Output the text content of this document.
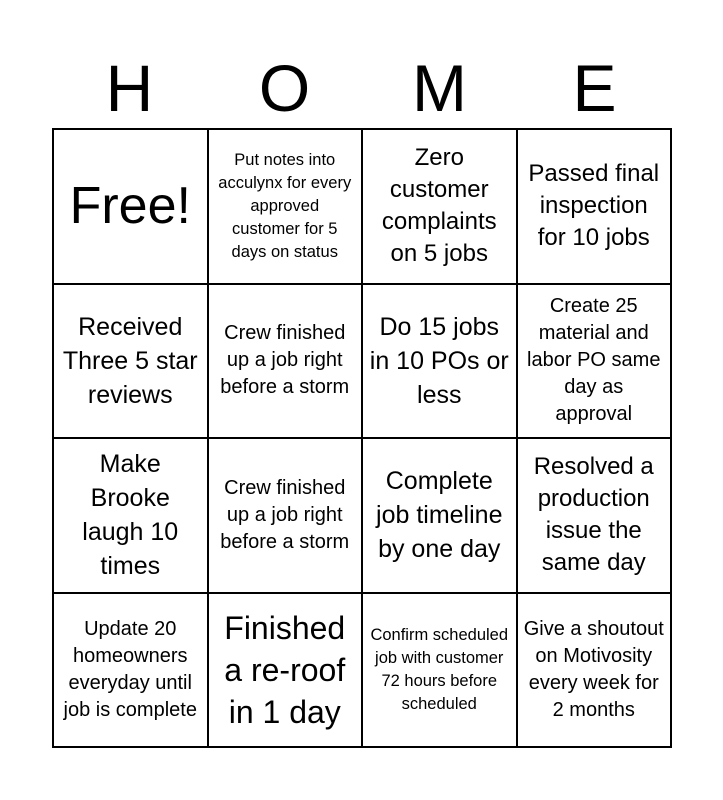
H	O	M	E
Free!
Put notes into acculynx for every approved customer for 5 days on status
Zero customer complaints on 5 jobs
Passed final inspection for 10 jobs
Received Three 5 star reviews
Crew finished up a job right before a storm
Do 15 jobs in 10 POs or less
Create 25 material and labor PO same day as approval
Make Brooke laugh 10 times
Crew finished up a job right before a storm
Complete job timeline by one day
Resolved a production issue the same day
Update 20 homeowners everyday until job is complete
Finished a re-roof in 1 day
Confirm scheduled job with customer 72 hours before scheduled
Give a shoutout on Motivosity every week for 2 months
